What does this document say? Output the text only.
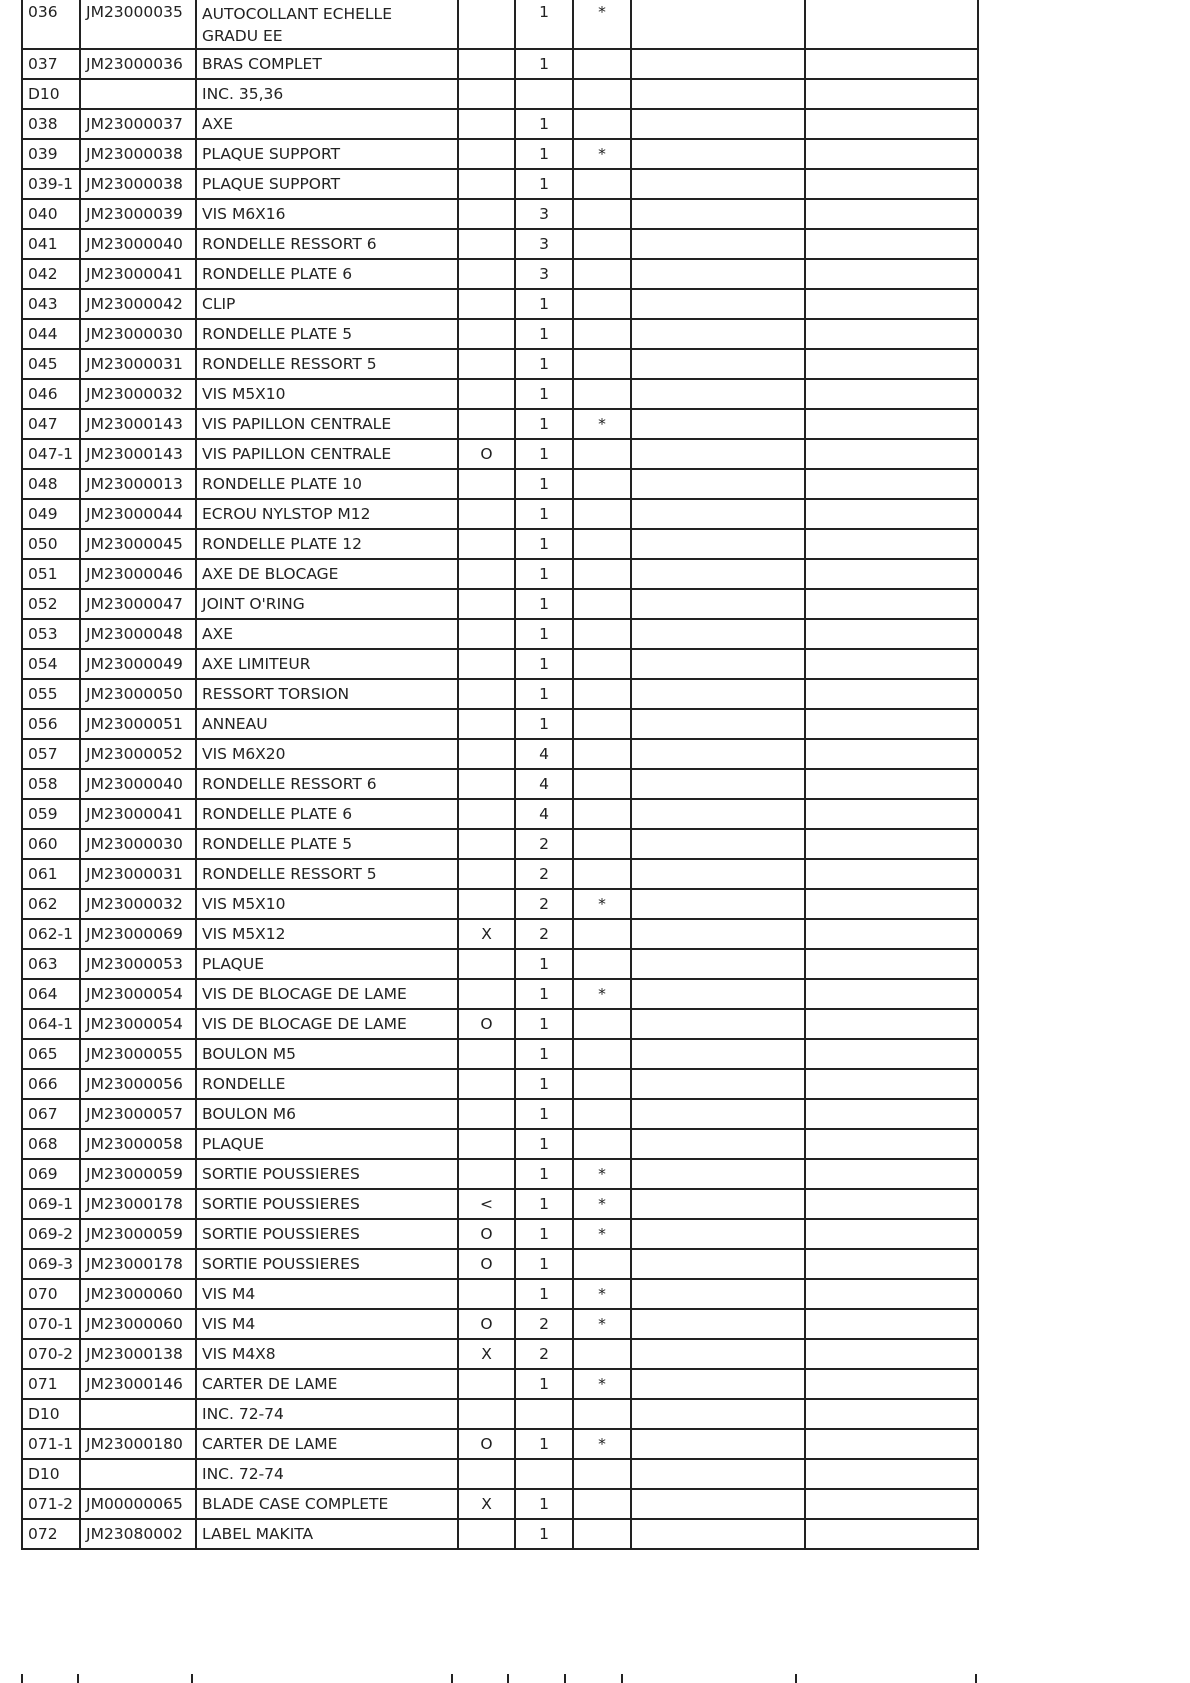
036	JM23000035	AUTOCOLLANT ECHELLE GRADU EE		1	*		
037	JM23000036	BRAS COMPLET		1			
D10		INC. 35,36					
038	JM23000037	AXE		1			
039	JM23000038	PLAQUE SUPPORT		1	*		
039-1	JM23000038	PLAQUE SUPPORT		1			
040	JM23000039	VIS M6X16		3			
041	JM23000040	RONDELLE RESSORT 6		3			
042	JM23000041	RONDELLE PLATE 6		3			
043	JM23000042	CLIP		1			
044	JM23000030	RONDELLE PLATE 5		1			
045	JM23000031	RONDELLE RESSORT 5		1			
046	JM23000032	VIS M5X10		1			
047	JM23000143	VIS PAPILLON CENTRALE		1	*		
047-1	JM23000143	VIS PAPILLON CENTRALE	O	1			
048	JM23000013	RONDELLE PLATE 10		1			
049	JM23000044	ECROU NYLSTOP M12		1			
050	JM23000045	RONDELLE PLATE 12		1			
051	JM23000046	AXE DE BLOCAGE		1			
052	JM23000047	JOINT O'RING		1			
053	JM23000048	AXE		1			
054	JM23000049	AXE LIMITEUR		1			
055	JM23000050	RESSORT TORSION		1			
056	JM23000051	ANNEAU		1			
057	JM23000052	VIS M6X20		4			
058	JM23000040	RONDELLE RESSORT 6		4			
059	JM23000041	RONDELLE PLATE 6		4			
060	JM23000030	RONDELLE PLATE 5		2			
061	JM23000031	RONDELLE RESSORT 5		2			
062	JM23000032	VIS M5X10		2	*		
062-1	JM23000069	VIS M5X12	X	2			
063	JM23000053	PLAQUE		1			
064	JM23000054	VIS DE BLOCAGE DE LAME		1	*		
064-1	JM23000054	VIS DE BLOCAGE DE LAME	O	1			
065	JM23000055	BOULON M5		1			
066	JM23000056	RONDELLE		1			
067	JM23000057	BOULON M6		1			
068	JM23000058	PLAQUE		1			
069	JM23000059	SORTIE POUSSIERES		1	*		
069-1	JM23000178	SORTIE POUSSIERES	<	1	*		
069-2	JM23000059	SORTIE POUSSIERES	O	1	*		
069-3	JM23000178	SORTIE POUSSIERES	O	1			
070	JM23000060	VIS M4		1	*		
070-1	JM23000060	VIS M4	O	2	*		
070-2	JM23000138	VIS M4X8	X	2			
071	JM23000146	CARTER DE LAME		1	*		
D10		INC. 72-74					
071-1	JM23000180	CARTER DE LAME	O	1	*		
D10		INC. 72-74					
071-2	JM00000065	BLADE CASE COMPLETE	X	1			
072	JM23080002	LABEL MAKITA		1			
